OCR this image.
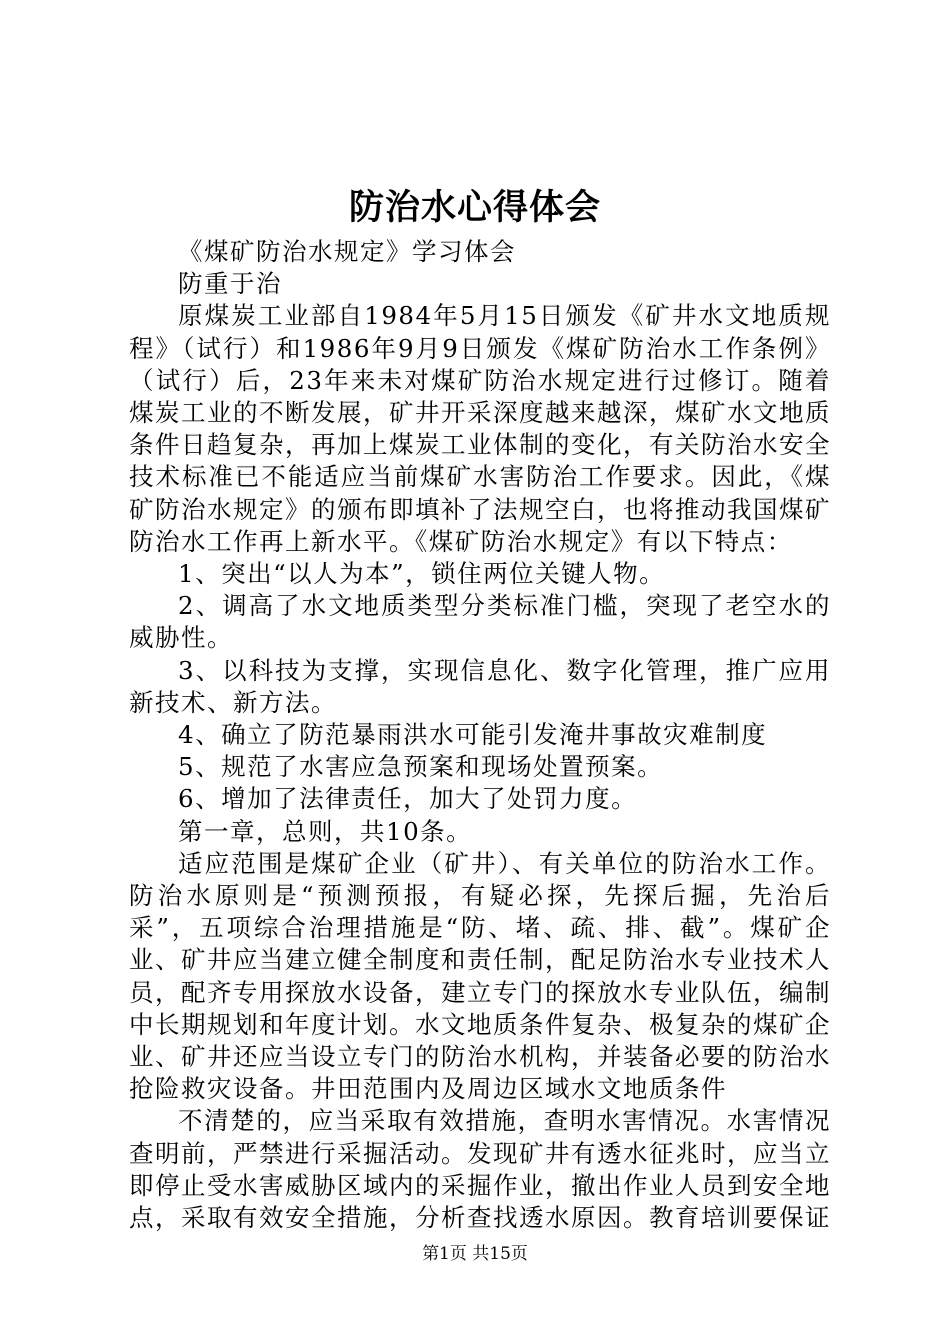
防治水心得体会

《煤矿防治水规定》学习体会

防重于治

原煤炭工业部自1984年5月15日颁发《矿井水文地质规程》（试行）和1986年9月9日颁发《煤矿防治水工作条例》（试行）后，23年来未对煤矿防治水规定进行过修订。随着煤炭工业的不断发展，矿井开采深度越来越深，煤矿水文地质条件日趋复杂，再加上煤炭工业体制的变化，有关防治水安全技术标准已不能适应当前煤矿水害防治工作要求。因此，《煤矿防治水规定》的颁布即填补了法规空白，也将推动我国煤矿防治水工作再上新水平。《煤矿防治水规定》有以下特点：

1、突出“以人为本”，锁住两位关键人物。

2、调高了水文地质类型分类标准门槛，突现了老空水的威胁性。

3、以科技为支撑，实现信息化、数字化管理，推广应用新技术、新方法。

4、确立了防范暴雨洪水可能引发淹井事故灾难制度

5、规范了水害应急预案和现场处置预案。

6、增加了法律责任，加大了处罚力度。

第一章，总则，共10条。

适应范围是煤矿企业（矿井）、有关单位的防治水工作。防治水原则是“预测预报，有疑必探，先探后掘，先治后采”，五项综合治理措施是“防、堵、疏、排、截”。煤矿企业、矿井应当建立健全制度和责任制，配足防治水专业技术人员，配齐专用探放水设备，建立专门的探放水专业队伍，编制中长期规划和年度计划。水文地质条件复杂、极复杂的煤矿企业、矿井还应当设立专门的防治水机构，并装备必要的防治水抢险救灾设备。井田范围内及周边区域水文地质条件

不清楚的，应当采取有效措施，查明水害情况。水害情况查明前，严禁进行采掘活动。发现矿井有透水征兆时，应当立即停止受水害威胁区域内的采掘作业，撤出作业人员到安全地点，采取有效安全措施，分析查找透水原因。教育培训要保证

第1页 共15页
